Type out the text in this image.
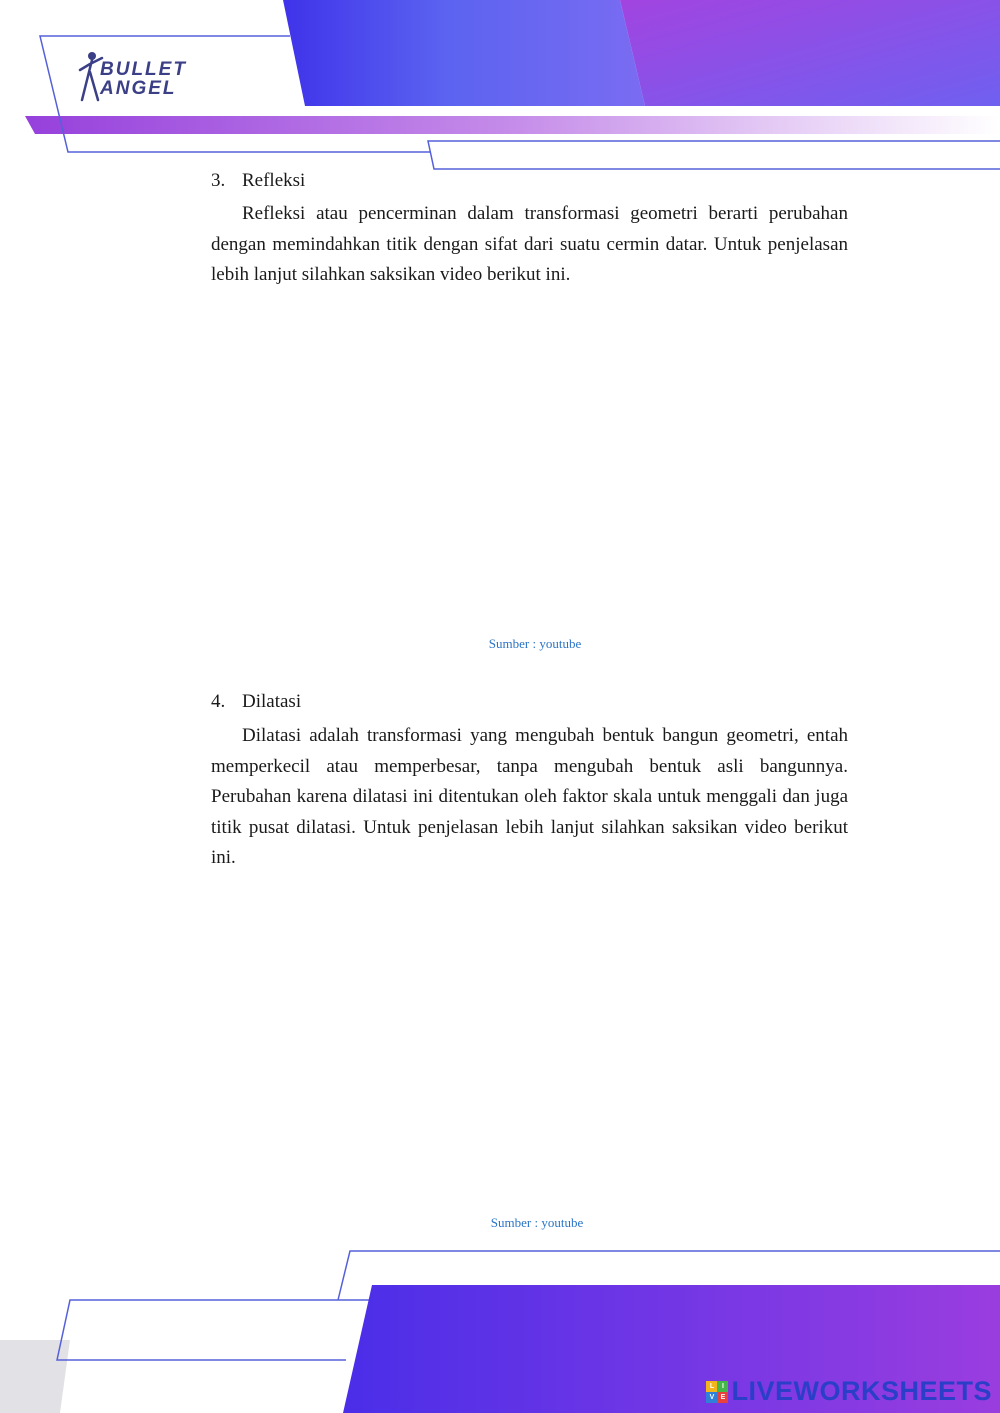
BULLET
ANGEL
3. Refleksi

Refleksi atau pencerminan dalam transformasi geometri berarti perubahan dengan memindahkan titik dengan sifat dari suatu cermin datar. Untuk penjelasan lebih lanjut silahkan saksikan video berikut ini.

Sumber : youtube
4. Dilatasi

Dilatasi adalah transformasi yang mengubah bentuk bangun geometri, entah memperkecil atau memperbesar, tanpa mengubah bentuk asli bangunnya. Perubahan karena dilatasi ini ditentukan oleh faktor skala untuk menggali dan juga titik pusat dilatasi. Untuk penjelasan lebih lanjut silahkan saksikan video berikut ini.

Sumber : youtube
L	I
V E LIVEWORKSHEETS
